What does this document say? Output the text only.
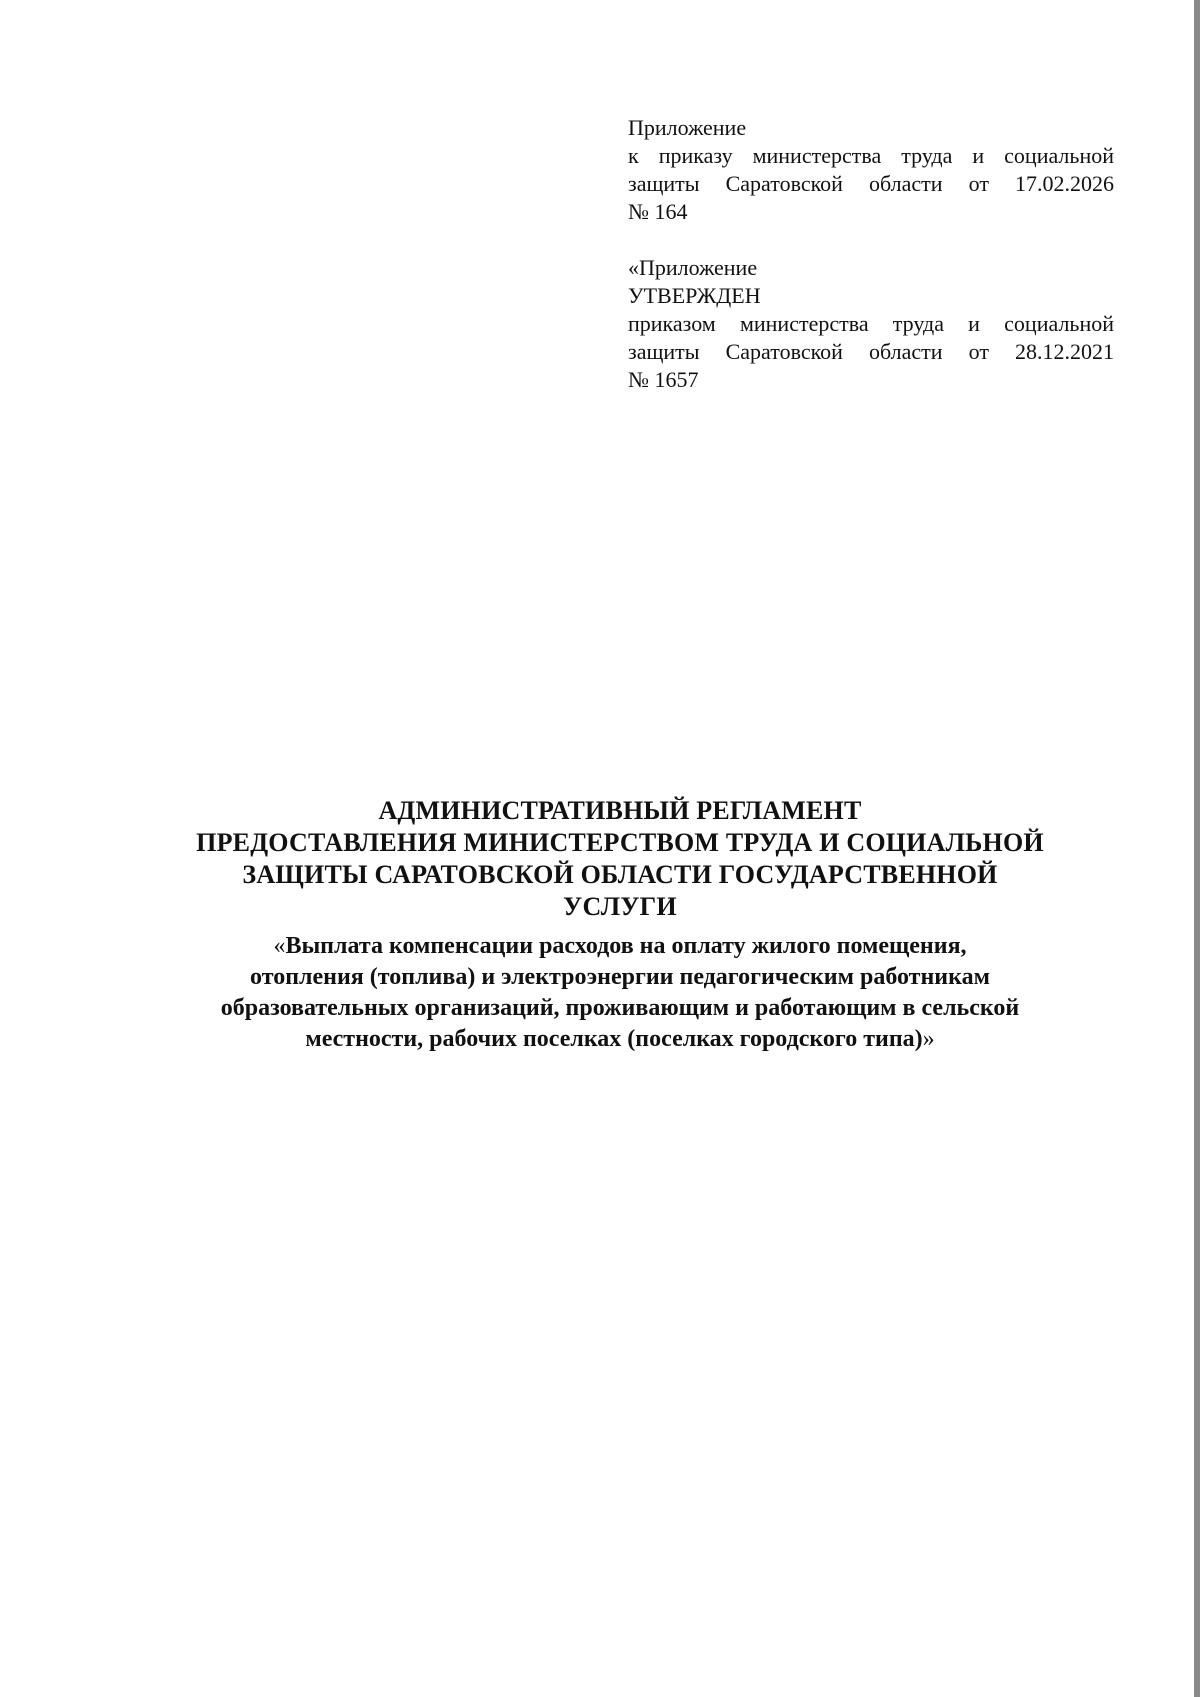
Приложение
к приказу министерства труда и социальной
защиты Саратовской области от 17.02.2026
№ 164
«Приложение
УТВЕРЖДЕН
приказом министерства труда и социальной
защиты Саратовской области от 28.12.2021
№ 1657
АДМИНИСТРАТИВНЫЙ РЕГЛАМЕНТ
ПРЕДОСТАВЛЕНИЯ МИНИСТЕРСТВОМ ТРУДА И СОЦИАЛЬНОЙ
ЗАЩИТЫ САРАТОВСКОЙ ОБЛАСТИ ГОСУДАРСТВЕННОЙ
УСЛУГИ
«Выплата компенсации расходов на оплату жилого помещения,
отопления (топлива) и электроэнергии педагогическим работникам
образовательных организаций, проживающим и работающим в сельской
местности, рабочих поселках (поселках городского типа)»
